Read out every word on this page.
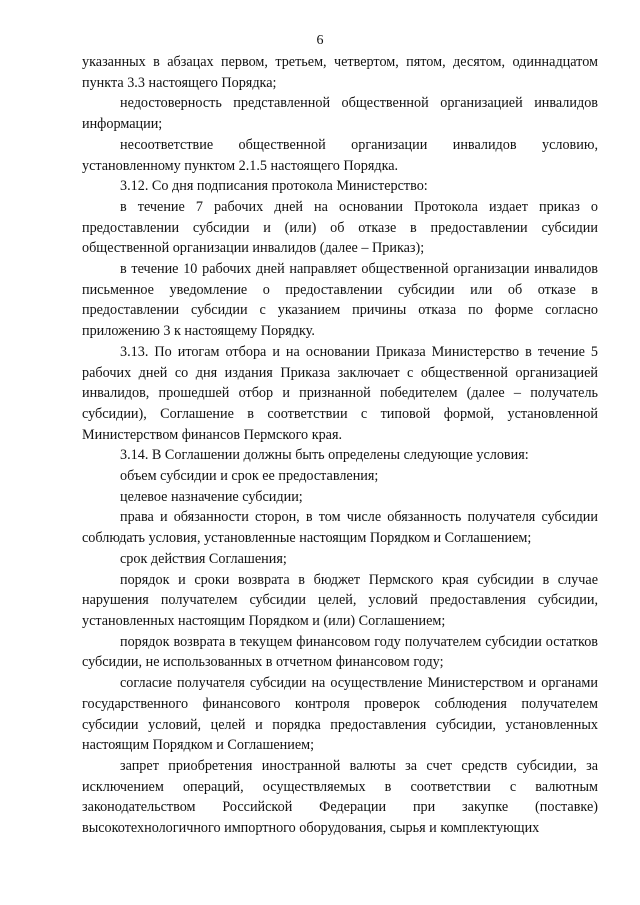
6

указанных в абзацах первом, третьем, четвертом, пятом, десятом, одиннадцатом пункта 3.3 настоящего Порядка;

недостоверность представленной общественной организацией инвалидов информации;

несоответствие общественной организации инвалидов условию, установленному пунктом 2.1.5 настоящего Порядка.

3.12. Со дня подписания протокола Министерство:

в течение 7 рабочих дней на основании Протокола издает приказ о предоставлении субсидии и (или) об отказе в предоставлении субсидии общественной организации инвалидов (далее – Приказ);

в течение 10 рабочих дней направляет общественной организации инвалидов письменное уведомление о предоставлении субсидии или об отказе в предоставлении субсидии с указанием причины отказа по форме согласно приложению 3 к настоящему Порядку.

3.13. По итогам отбора и на основании Приказа Министерство в течение 5 рабочих дней со дня издания Приказа заключает с общественной организацией инвалидов, прошедшей отбор и признанной победителем (далее – получатель субсидии), Соглашение в соответствии с типовой формой, установленной Министерством финансов Пермского края.

3.14. В Соглашении должны быть определены следующие условия:

объем субсидии и срок ее предоставления;

целевое назначение субсидии;

права и обязанности сторон, в том числе обязанность получателя субсидии соблюдать условия, установленные настоящим Порядком и Соглашением;

срок действия Соглашения;

порядок и сроки возврата в бюджет Пермского края субсидии в случае нарушения получателем субсидии целей, условий предоставления субсидии, установленных настоящим Порядком и (или) Соглашением;

порядок возврата в текущем финансовом году получателем субсидии остатков субсидии, не использованных в отчетном финансовом году;

согласие получателя субсидии на осуществление Министерством и органами государственного финансового контроля проверок соблюдения получателем субсидии условий, целей и порядка предоставления субсидии, установленных настоящим Порядком и Соглашением;

запрет приобретения иностранной валюты за счет средств субсидии, за исключением операций, осуществляемых в соответствии с валютным законодательством Российской Федерации при закупке (поставке) высокотехнологичного импортного оборудования, сырья и комплектующих
